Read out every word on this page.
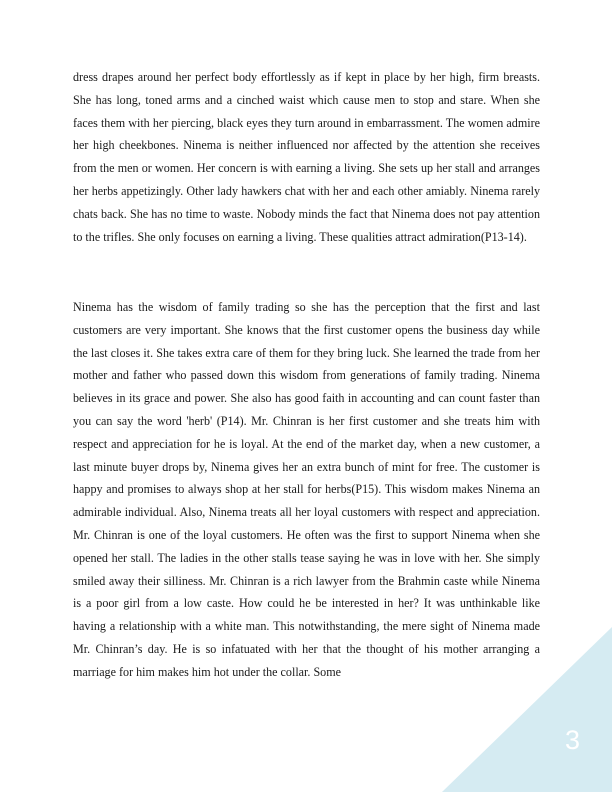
dress drapes around her perfect body effortlessly as if kept in place by her high, firm breasts. She has long, toned arms and a cinched waist which cause men to stop and stare. When she faces them with her piercing, black eyes they turn around in embarrassment. The women admire her high cheekbones. Ninema is neither influenced nor affected by the attention she receives from the men or women. Her concern is with earning a living. She sets up her stall and arranges her herbs appetizingly. Other lady hawkers chat with her and each other amiably. Ninema rarely chats back. She has no time to waste. Nobody minds the fact that Ninema does not pay attention to the trifles. She only focuses on earning a living. These qualities attract admiration(P13-14).

Ninema has the wisdom of family trading so she has the perception that the first and last customers are very important. She knows that the first customer opens the business day while the last closes it. She takes extra care of them for they bring luck. She learned the trade from her mother and father who passed down this wisdom from generations of family trading. Ninema believes in its grace and power. She also has good faith in accounting and can count faster than you can say the word 'herb' (P14). Mr. Chinran is her first customer and she treats him with respect and appreciation for he is loyal. At the end of the market day, when a new customer, a last minute buyer drops by, Ninema gives her an extra bunch of mint for free. The customer is happy and promises to always shop at her stall for herbs(P15). This wisdom makes Ninema an admirable individual. Also, Ninema treats all her loyal customers with respect and appreciation. Mr. Chinran is one of the loyal customers. He often was the first to support Ninema when she opened her stall. The ladies in the other stalls tease saying he was in love with her. She simply smiled away their silliness. Mr. Chinran is a rich lawyer from the Brahmin caste while Ninema is a poor girl from a low caste. How could he be interested in her? It was unthinkable like having a relationship with a white man. This notwithstanding, the mere sight of Ninema made Mr. Chinran’s day. He is so infatuated with her that the thought of his mother arranging a marriage for him makes him hot under the collar. Some

3
